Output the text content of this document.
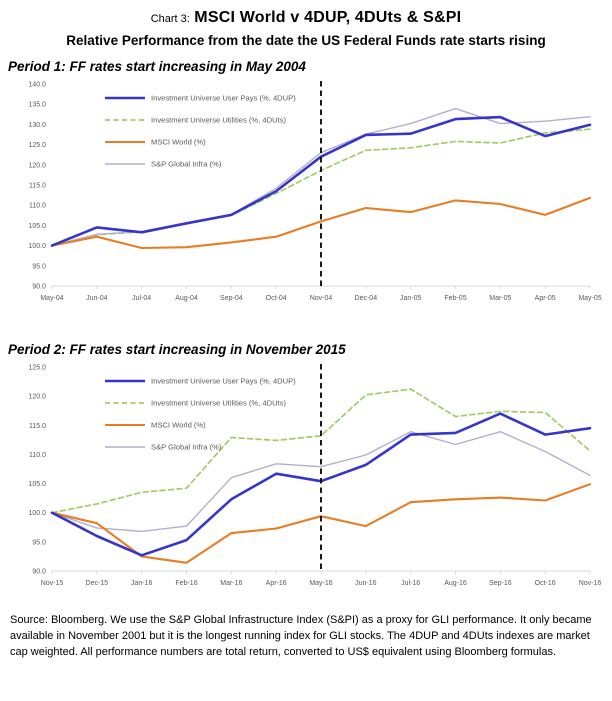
Chart 3: MSCI World v 4DUP, 4DUts & S&PI
Relative Performance from the date the US Federal Funds rate starts rising
Period 1: FF rates start increasing in May 2004
May-04	Jun-04	Jul-04	Aug-04	Sep-04	Oct-04	Nov-04	Dec-04	Jan-05	Feb-05	Mar-05	Apr-05	May-05
90.0
95.0
100.0
105.0
110.0
115.0
120.0
125.0
130.0
135.0
140.0
Investment Universe User Pays (%, 4DUP)
Investment Universe Utilities (%, 4DUts)
MSCI World (%)
S&P Global Infra (%)
Period 2: FF rates start increasing in November 2015
Nov-15	Dec-15	Jan-16	Feb-16	Mar-16	Apr-16	May-16	Jun-16	Jul-16	Aug-16	Sep-16	Oct-16	Nov-16
90.0
95.0
100.0
105.0
110.0
115.0
120.0
125.0
Investment Universe User Pays (%, 4DUP)
Investment Universe Utilities (%, 4DUts)
MSCI World (%)
S&P Global Infra (%)
Source: Bloomberg. We use the S&P Global Infrastructure Index (S&PI) as a proxy for GLI performance. It only became available in November 2001 but it is the longest running index for GLI stocks. The 4DUP and 4DUts indexes are market cap weighted. All performance numbers are total return, converted to US$ equivalent using Bloomberg formulas.
